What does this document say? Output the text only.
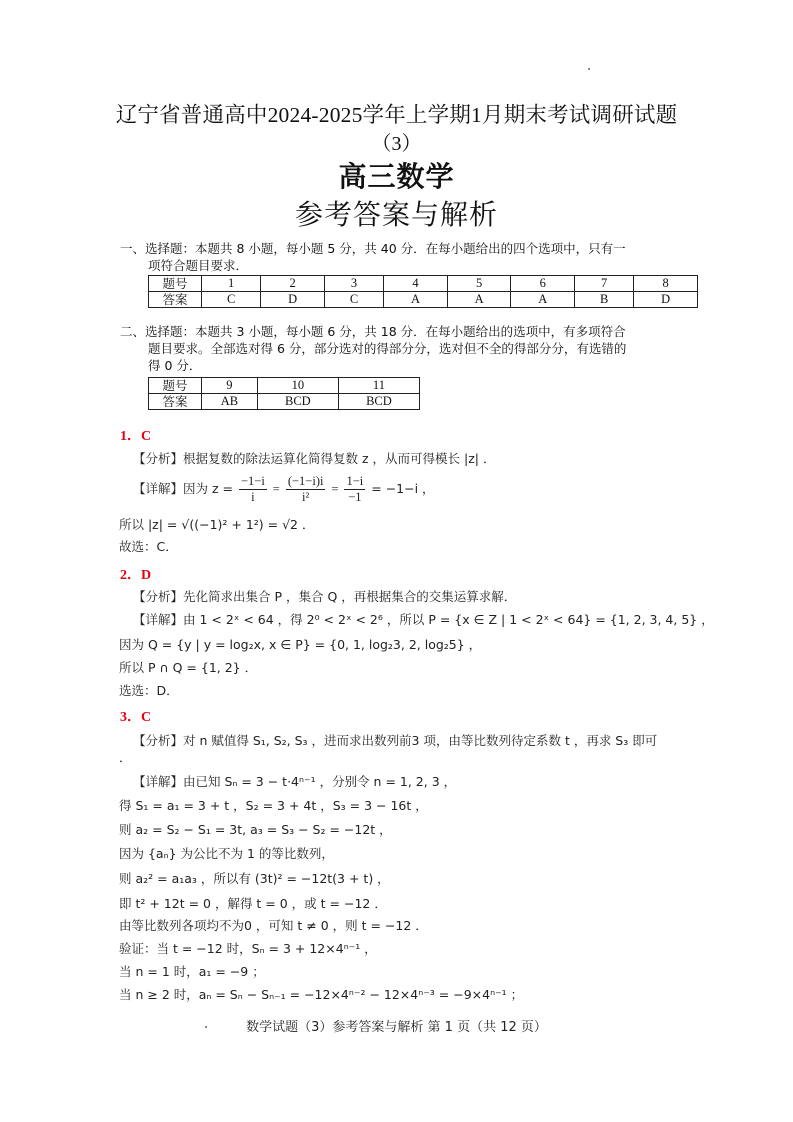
辽宁省普通高中2024-2025学年上学期1月期末考试调研试题
（3）
高三数学
参考答案与解析
一、选择题：本题共 8 小题，每小题 5 分，共 40 分．在每小题给出的四个选项中，只有一

项符合题目要求．
题号	1	2	3	4	5	6	7	8
答案	C	D	C	A	A	A	B	D
二、选择题：本题共 3 小题，每小题 6 分，共 18 分．在每小题给出的选项中，有多项符合

题目要求。全部选对得 6 分，部分选对的得部分分，选对但不全的得部分分，有选错的
得 0 分．
题号	9	10	11
答案	AB	BCD	BCD
1．C
【分析】根据复数的除法运算化简得复数 z ，从而可得模长 |z| ．
【详解】因为 $z = \frac{-1-i}{i} = \frac{(-1-i)i}{\text{i²}} = \frac{1-i}{-1} = -1-i$ ，
所以 |z| = √((−1)² + 1²) = √2 ．
故选：C．
2．D
【分析】先化简求出集合 P ，集合 Q ，再根据集合的交集运算求解．
【详解】由 1 < 2ˣ < 64 ，得 2⁰ < 2ˣ < 2⁶ ，所以 P = {x ∈ Z | 1 < 2ˣ < 64} = {1, 2, 3, 4, 5} ，
因为 Q = {y | y = log₂x, x ∈ P} = {0, 1, log₂3, 2, log₂5} ，
所以 P ∩ Q = {1, 2} ．
选选：D．
3．C
【分析】对 n 赋值得 S₁, S₂, S₃ ，进而求出数列前3 项，由等比数列待定系数 t ，再求 S₃ 即可
．
【详解】由已知 Sₙ = 3 − t·4ⁿ⁻¹ ，分别令 n = 1, 2, 3 ，
得 S₁ = a₁ = 3 + t ，S₂ = 3 + 4t ，S₃ = 3 − 16t ，
则 a₂ = S₂ − S₁ = 3t, a₃ = S₃ − S₂ = −12t ，
因为 {aₙ} 为公比不为 1 的等比数列，
则 a₂² = a₁a₃ ，所以有 (3t)² = −12t(3 + t) ，
即 t² + 12t = 0 ，解得 t = 0 ，或 t = −12 ．
由等比数列各项均不为0 ，可知 t ≠ 0 ，则 t = −12 ．
验证：当 t = −12 时，Sₙ = 3 + 12×4ⁿ⁻¹ ，
当 n = 1 时，a₁ = −9 ；
当 n ≥ 2 时，aₙ = Sₙ − Sₙ₋₁ = −12×4ⁿ⁻² − 12×4ⁿ⁻³ = −9×4ⁿ⁻¹ ；
数学试题（3）参考答案与解析 第 1 页（共 12 页）
